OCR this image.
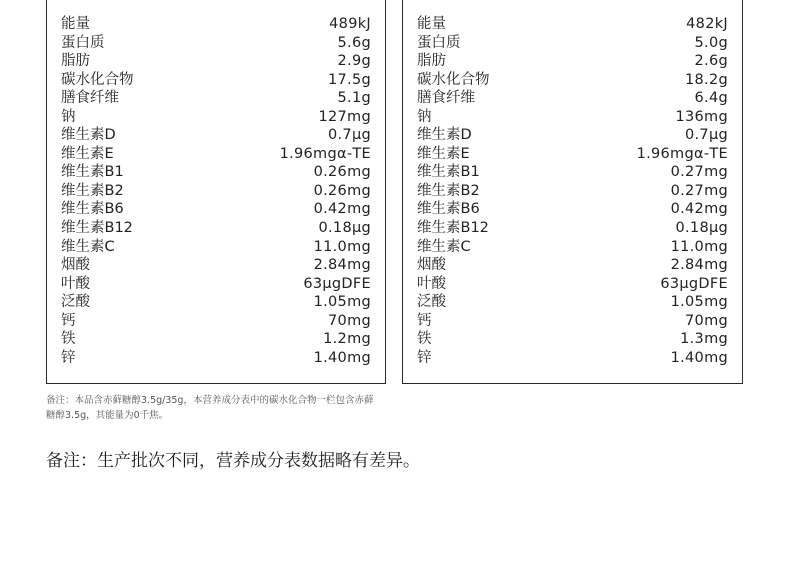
能量	489kJ
蛋白质	5.6g
脂肪	2.9g
碳水化合物	17.5g
膳食纤维	5.1g
钠	127mg
维生素D	0.7μg
维生素E	1.96mgα-TE
维生素B1	0.26mg
维生素B2	0.26mg
维生素B6	0.42mg
维生素B12	0.18μg
维生素C	11.0mg
烟酸	2.84mg
叶酸	63μgDFE
泛酸	1.05mg
钙	70mg
铁	1.2mg
锌	1.40mg
能量	482kJ
蛋白质	5.0g
脂肪	2.6g
碳水化合物	18.2g
膳食纤维	6.4g
钠	136mg
维生素D	0.7μg
维生素E	1.96mgα-TE
维生素B1	0.27mg
维生素B2	0.27mg
维生素B6	0.42mg
维生素B12	0.18μg
维生素C	11.0mg
烟酸	2.84mg
叶酸	63μgDFE
泛酸	1.05mg
钙	70mg
铁	1.3mg
锌	1.40mg
备注：本品含赤藓糖醇3.5g/35g，本营养成分表中的碳水化合物一栏包含赤藓
糖醇3.5g，其能量为0千焦。
备注：生产批次不同，营养成分表数据略有差异。
